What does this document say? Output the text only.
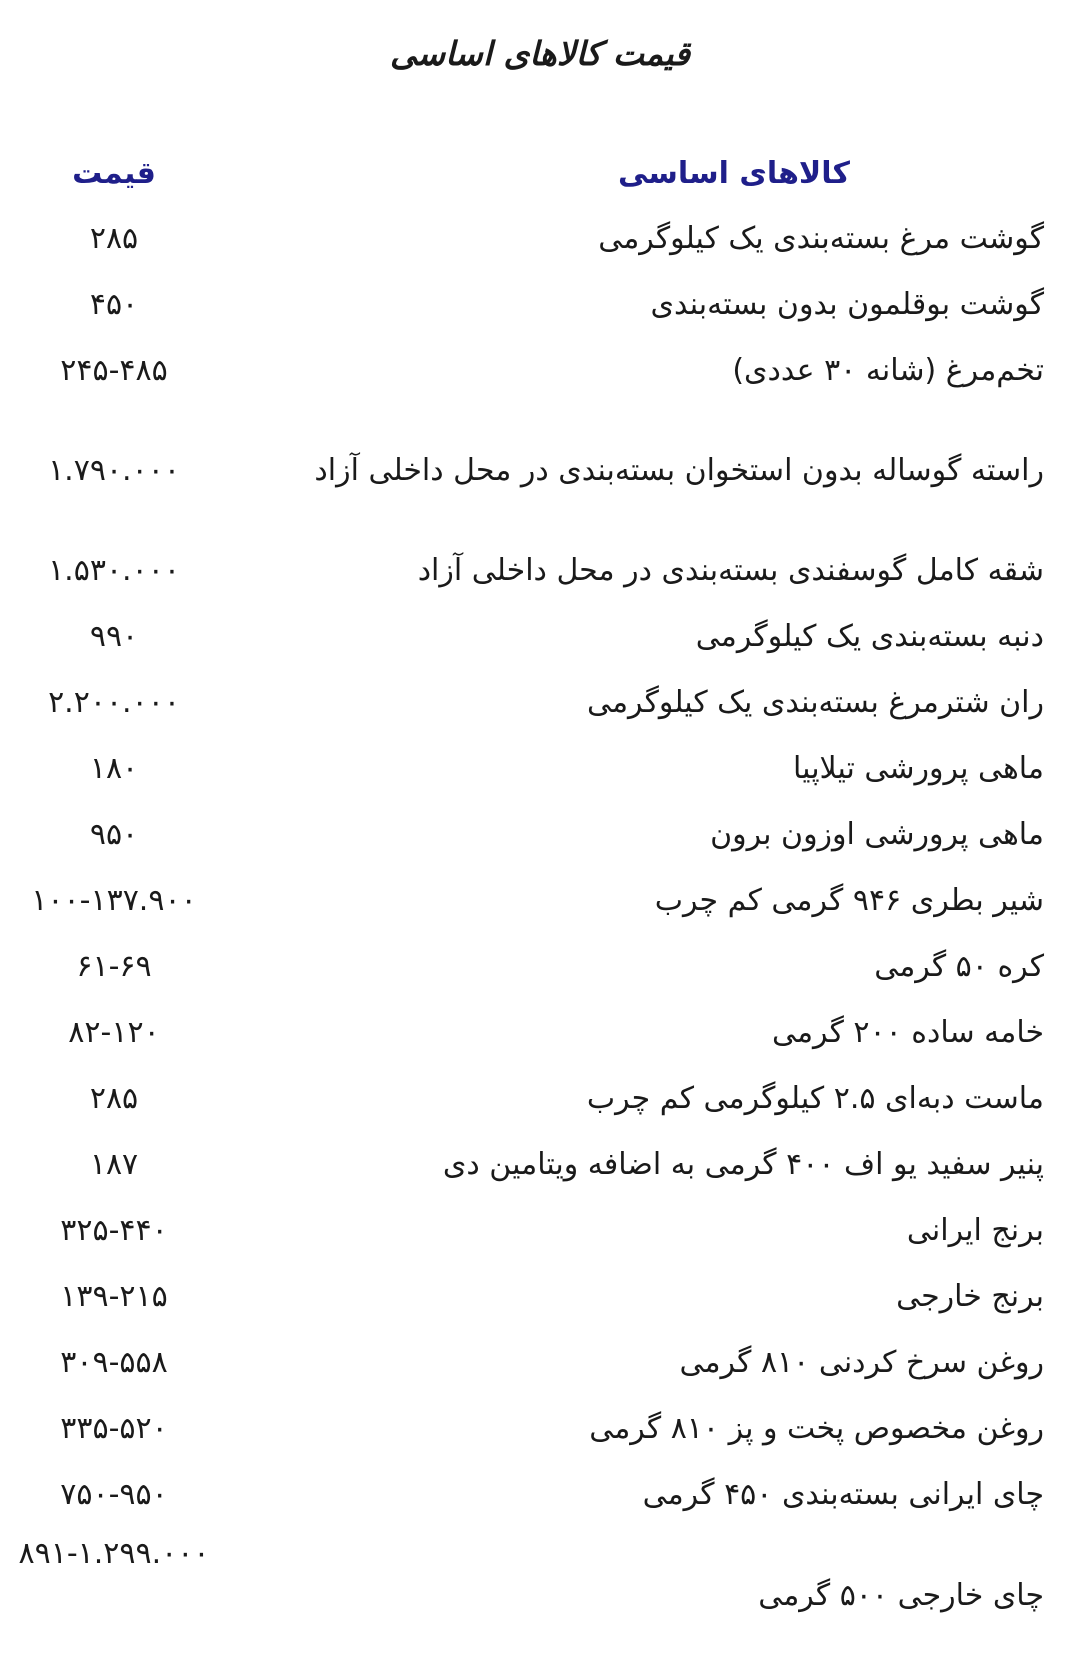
قیمت کالاهای اساسی
کالاهای اساسی	قیمت
گوشت مرغ بسته‌بندی یک کیلوگرمی	۲۸۵
گوشت بوقلمون بدون بسته‌بندی	۴۵۰
تخم‌مرغ (شانه ۳۰ عددی)	۲۴۵-۴۸۵
راسته گوساله بدون استخوان بسته‌بندی در محل داخلی آزاد	۱.۷۹۰.۰۰۰
شقه کامل گوسفندی بسته‌بندی در محل داخلی آزاد	۱.۵۳۰.۰۰۰
دنبه بسته‌بندی یک کیلوگرمی	۹۹۰
ران شترمرغ بسته‌بندی یک کیلوگرمی	۲.۲۰۰.۰۰۰
ماهی پرورشی تیلاپیا	۱۸۰
ماهی پرورشی اوزون برون	۹۵۰
شیر بطری ۹۴۶ گرمی کم چرب	۱۰۰-۱۳۷.۹۰۰
کره ۵۰ گرمی	۶۱-۶۹
خامه ساده ۲۰۰ گرمی	۸۲-۱۲۰
ماست دبه‌ای ۲.۵ کیلوگرمی کم چرب	۲۸۵
پنیر سفید یو اف ۴۰۰ گرمی به اضافه ویتامین دی	۱۸۷
برنج ایرانی	۳۲۵-۴۴۰
برنج خارجی	۱۳۹-۲۱۵
روغن سرخ کردنی ۸۱۰ گرمی	۳۰۹-۵۵۸
روغن مخصوص پخت و پز ۸۱۰ گرمی	۳۳۵-۵۲۰
چای ایرانی بسته‌بندی ۴۵۰ گرمی	۷۵۰-۹۵۰
چای خارجی ۵۰۰ گرمی	۸۹۱-۱.۲۹۹.۰۰۰
